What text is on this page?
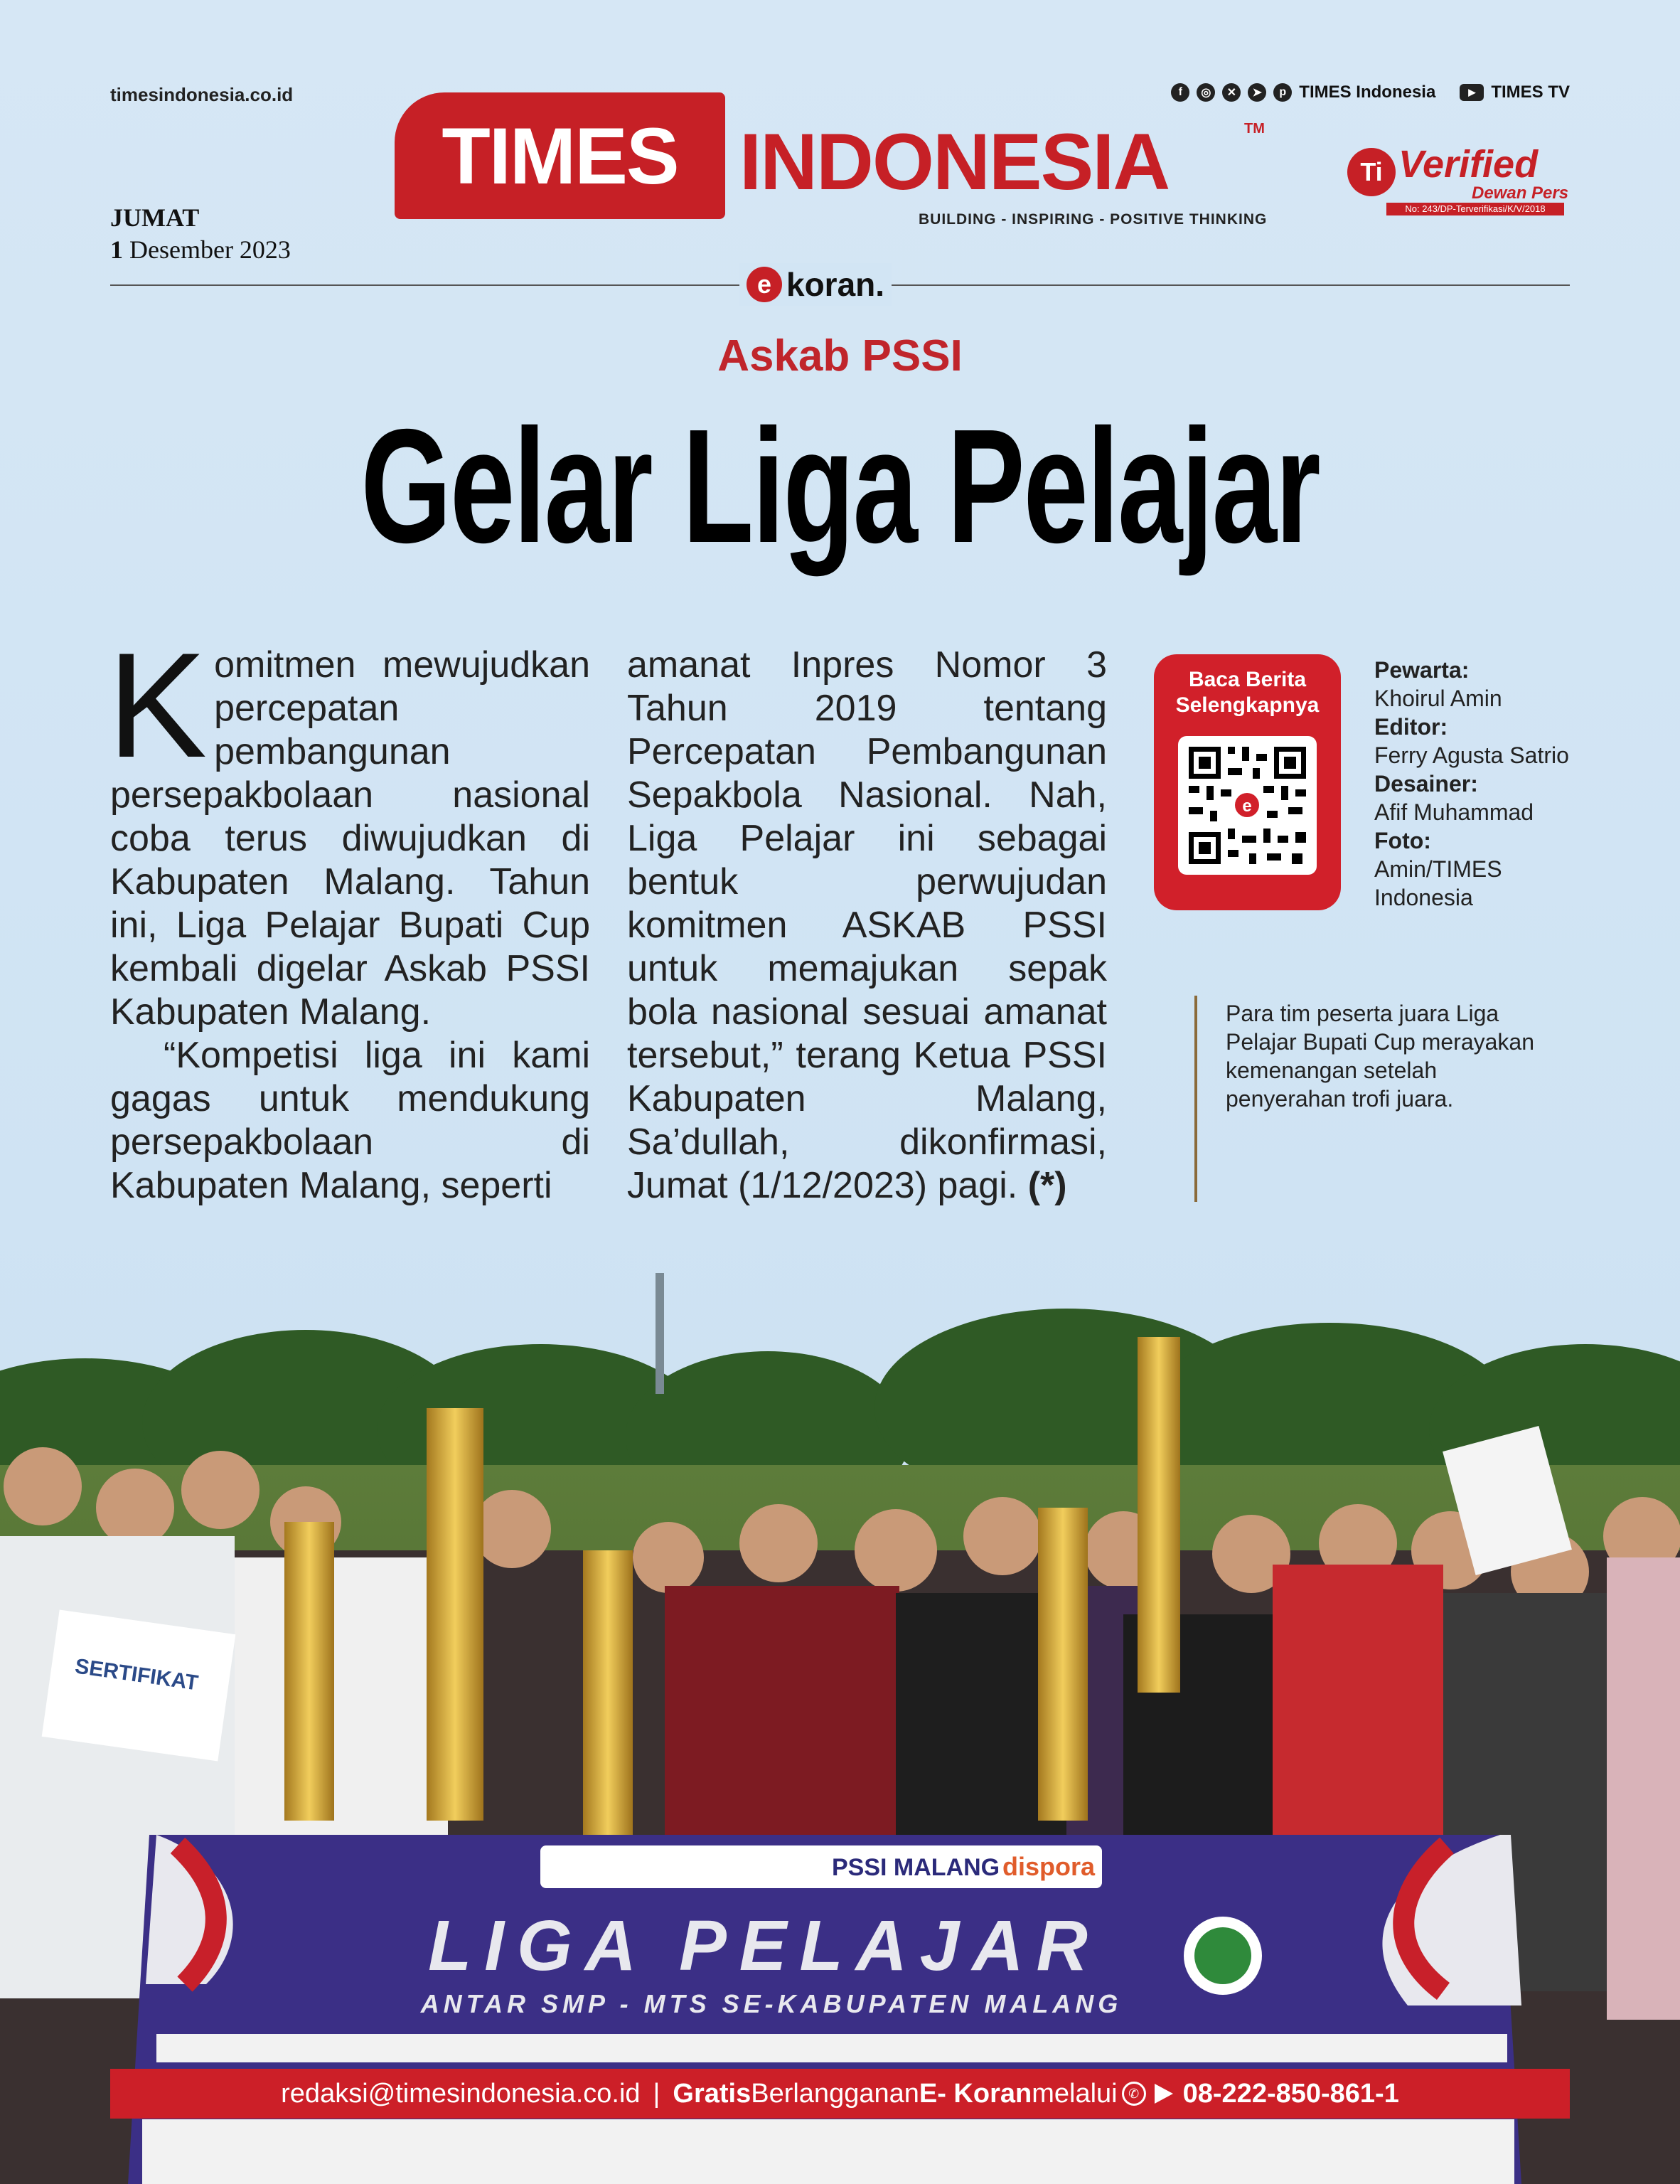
timesindonesia.co.id	f	◎	✕	➤	p TIMES Indonesia	▶ TIMES TV
TIMES INDONESIA	TM
BUILDING - INSPIRING - POSITIVE THINKING
Ti Verified
Dewan Pers
No: 243/DP-Terverifikasi/K/V/2018
JUMAT
1 Desember 2023
e koran.
Askab PSSI
Gelar Liga Pelajar

Komitmen mewujudkan percepatan pembangunan persepakbolaan nasional coba terus diwujudkan di Kabupaten Malang. Tahun ini, Liga Pelajar Bupati Cup kembali digelar Askab PSSI Kabupaten Malang.

“Kompetisi liga ini kami gagas untuk mendukung persepakbolaan di Kabupaten Malang, seperti

amanat Inpres Nomor 3 Tahun 2019 tentang Percepatan Pembangunan Sepakbola Nasional. Nah, Liga Pelajar ini sebagai bentuk perwujudan komitmen ASKAB PSSI untuk memajukan sepak bola nasional sesuai amanat tersebut,” terang Ketua PSSI Kabupaten Malang, Sa’dullah, dikonfirmasi, Jumat (1/12/2023) pagi. (*)

Baca Berita
Selengkapnya
e
Pewarta:
Khoirul Amin
Editor:
Ferry Agusta Satrio
Desainer:
Afif Muhammad
Foto:
Amin/TIMES Indonesia
Para tim peserta juara Liga Pelajar Bupati Cup merayakan kemenangan setelah penyerahan trofi juara.
SERTIFIKAT
PSSI MALANG dispora
LIGA PELAJAR
ANTAR SMP - MTS SE-KABUPATEN MALANG
redaksi@timesindonesia.co.id | Gratis Berlangganan E- Koran melalui ✆ 08-222-850-861-1
